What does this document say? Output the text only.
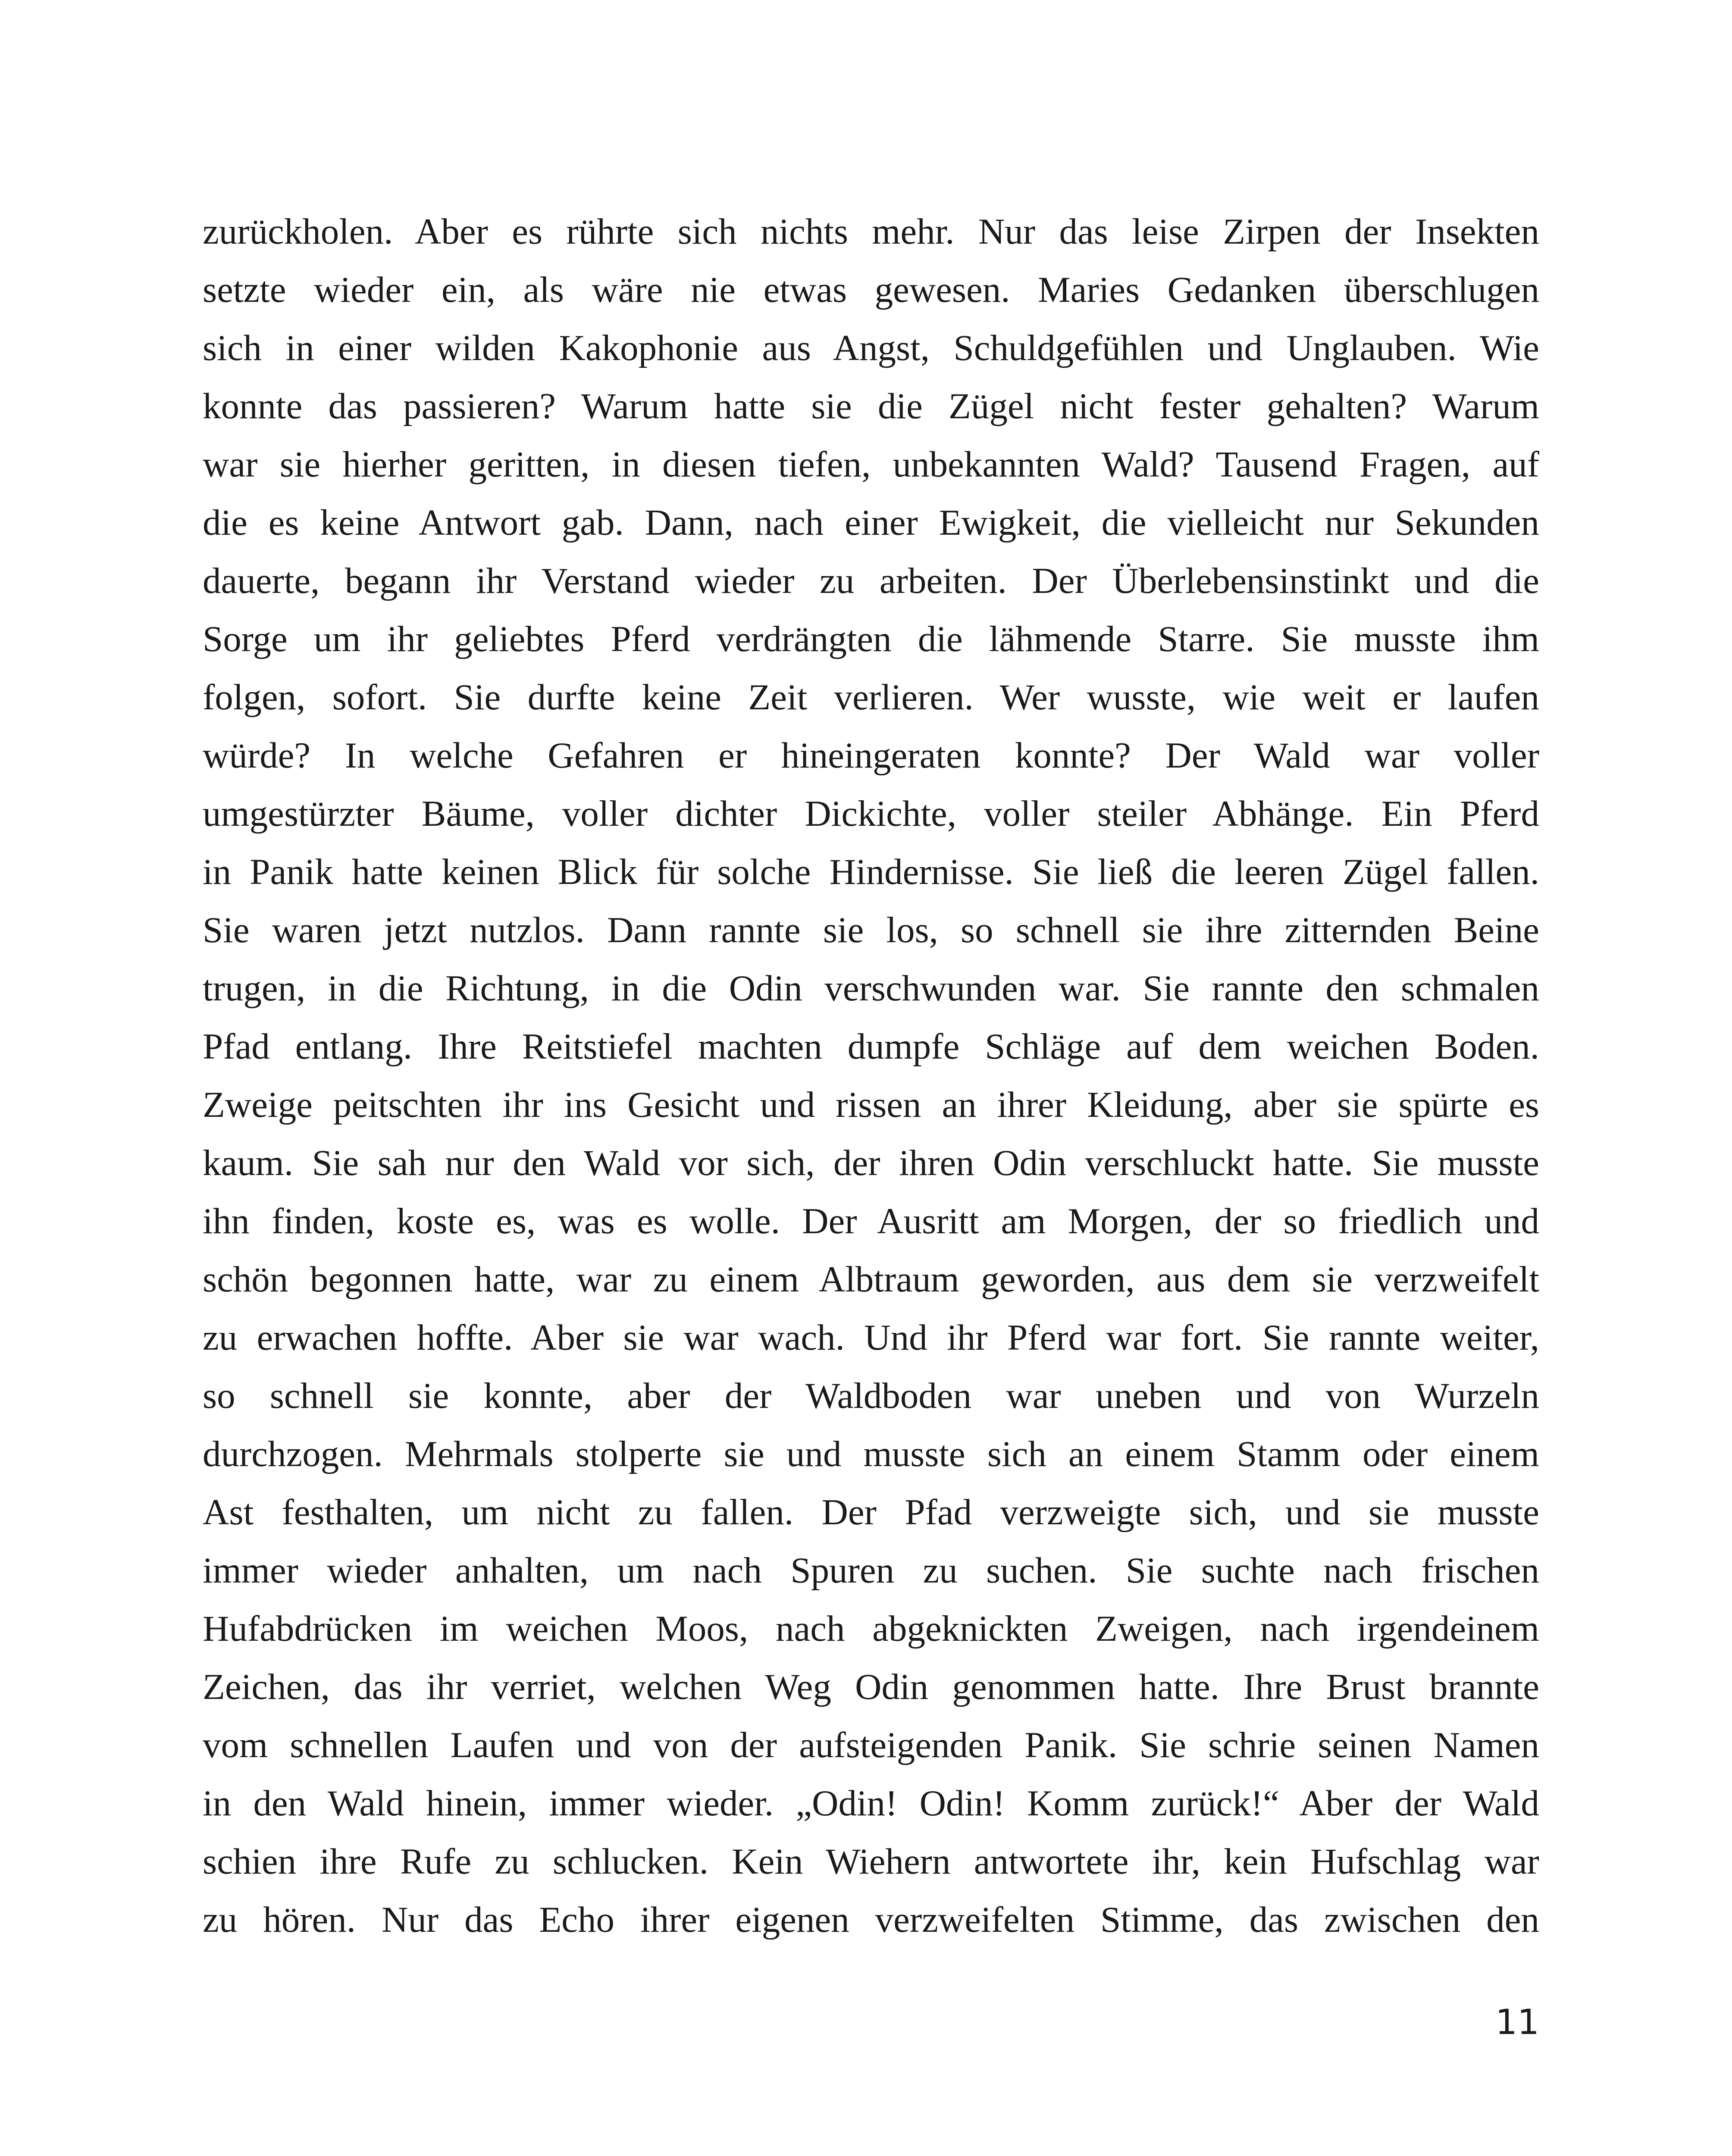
zurückholen. Aber es rührte sich nichts mehr. Nur das leise Zirpen der Insekten
setzte wieder ein, als wäre nie etwas gewesen. Maries Gedanken überschlugen
sich in einer wilden Kakophonie aus Angst, Schuldgefühlen und Unglauben. Wie
konnte das passieren? Warum hatte sie die Zügel nicht fester gehalten? Warum
war sie hierher geritten, in diesen tiefen, unbekannten Wald? Tausend Fragen, auf
die es keine Antwort gab. Dann, nach einer Ewigkeit, die vielleicht nur Sekunden
dauerte, begann ihr Verstand wieder zu arbeiten. Der Überlebensinstinkt und die
Sorge um ihr geliebtes Pferd verdrängten die lähmende Starre. Sie musste ihm
folgen, sofort. Sie durfte keine Zeit verlieren. Wer wusste, wie weit er laufen
würde? In welche Gefahren er hineingeraten konnte? Der Wald war voller
umgestürzter Bäume, voller dichter Dickichte, voller steiler Abhänge. Ein Pferd
in Panik hatte keinen Blick für solche Hindernisse. Sie ließ die leeren Zügel fallen.
Sie waren jetzt nutzlos. Dann rannte sie los, so schnell sie ihre zitternden Beine
trugen, in die Richtung, in die Odin verschwunden war. Sie rannte den schmalen
Pfad entlang. Ihre Reitstiefel machten dumpfe Schläge auf dem weichen Boden.
Zweige peitschten ihr ins Gesicht und rissen an ihrer Kleidung, aber sie spürte es
kaum. Sie sah nur den Wald vor sich, der ihren Odin verschluckt hatte. Sie musste
ihn finden, koste es, was es wolle. Der Ausritt am Morgen, der so friedlich und
schön begonnen hatte, war zu einem Albtraum geworden, aus dem sie verzweifelt
zu erwachen hoffte. Aber sie war wach. Und ihr Pferd war fort. Sie rannte weiter,
so schnell sie konnte, aber der Waldboden war uneben und von Wurzeln
durchzogen. Mehrmals stolperte sie und musste sich an einem Stamm oder einem
Ast festhalten, um nicht zu fallen. Der Pfad verzweigte sich, und sie musste
immer wieder anhalten, um nach Spuren zu suchen. Sie suchte nach frischen
Hufabdrücken im weichen Moos, nach abgeknickten Zweigen, nach irgendeinem
Zeichen, das ihr verriet, welchen Weg Odin genommen hatte. Ihre Brust brannte
vom schnellen Laufen und von der aufsteigenden Panik. Sie schrie seinen Namen
in den Wald hinein, immer wieder. „Odin! Odin! Komm zurück!“ Aber der Wald
schien ihre Rufe zu schlucken. Kein Wiehern antwortete ihr, kein Hufschlag war
zu hören. Nur das Echo ihrer eigenen verzweifelten Stimme, das zwischen den
11
